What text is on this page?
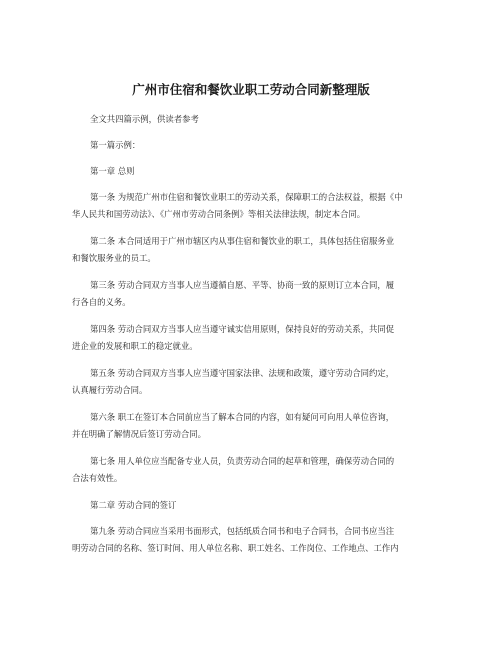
广州市住宿和餐饮业职工劳动合同新整理版
全文共四篇示例，供读者参考
第一篇示例：
第一章 总则
第一条 为规范广州市住宿和餐饮业职工的劳动关系，保障职工的合法权益，根据《中
华人民共和国劳动法》、《广州市劳动合同条例》等相关法律法规，制定本合同。
第二条 本合同适用于广州市辖区内从事住宿和餐饮业的职工，具体包括住宿服务业
和餐饮服务业的员工。
第三条 劳动合同双方当事人应当遵循自愿、平等、协商一致的原则订立本合同，履
行各自的义务。
第四条 劳动合同双方当事人应当遵守诚实信用原则，保持良好的劳动关系，共同促
进企业的发展和职工的稳定就业。
第五条 劳动合同双方当事人应当遵守国家法律、法规和政策，遵守劳动合同约定，
认真履行劳动合同。
第六条 职工在签订本合同前应当了解本合同的内容，如有疑问可向用人单位咨询，
并在明确了解情况后签订劳动合同。
第七条 用人单位应当配备专业人员，负责劳动合同的起草和管理，确保劳动合同的
合法有效性。
第二章 劳动合同的签订
第九条 劳动合同应当采用书面形式，包括纸质合同书和电子合同书，合同书应当注
明劳动合同的名称、签订时间、用人单位名称、职工姓名、工作岗位、工作地点、工作内
